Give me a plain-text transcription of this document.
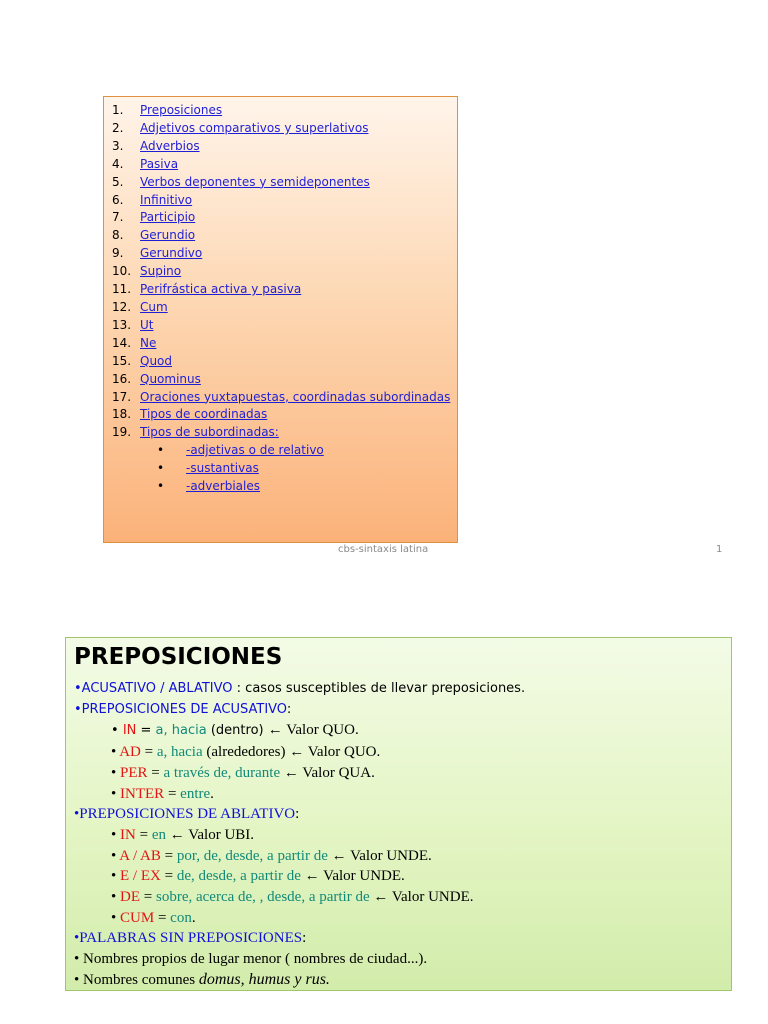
1. Preposiciones
2. Adjetivos comparativos y superlativos
3. Adverbios
4. Pasiva
5. Verbos deponentes y semideponentes
6. Infinitivo
7. Participio
8. Gerundio
9. Gerundivo
10. Supino
11. Perifrástica activa y pasiva
12. Cum
13. Ut
14. Ne
15. Quod
16. Quominus
17. Oraciones yuxtapuestas, coordinadas subordinadas
18. Tipos de coordinadas
19. Tipos de subordinadas:
• -adjetivas o de relativo
• -sustantivas
• -adverbiales
cbs-sintaxis latina	1
PREPOSICIONES
•ACUSATIVO / ABLATIVO : casos susceptibles de llevar preposiciones.
•PREPOSICIONES DE ACUSATIVO:
• IN = a, hacia (dentro) ← Valor QUO.
• AD = a, hacia (alrededores) ← Valor QUO.
• PER = a través de, durante ← Valor QUA.
• INTER = entre.
•PREPOSICIONES DE ABLATIVO:
• IN = en ← Valor UBI.
• A / AB = por, de, desde, a partir de ← Valor UNDE.
• E / EX = de, desde, a partir de ← Valor UNDE.
• DE = sobre, acerca de, , desde, a partir de ← Valor UNDE.
• CUM = con.
•PALABRAS SIN PREPOSICIONES:
• Nombres propios de lugar menor ( nombres de ciudad...).
• Nombres comunes domus, humus y rus.
